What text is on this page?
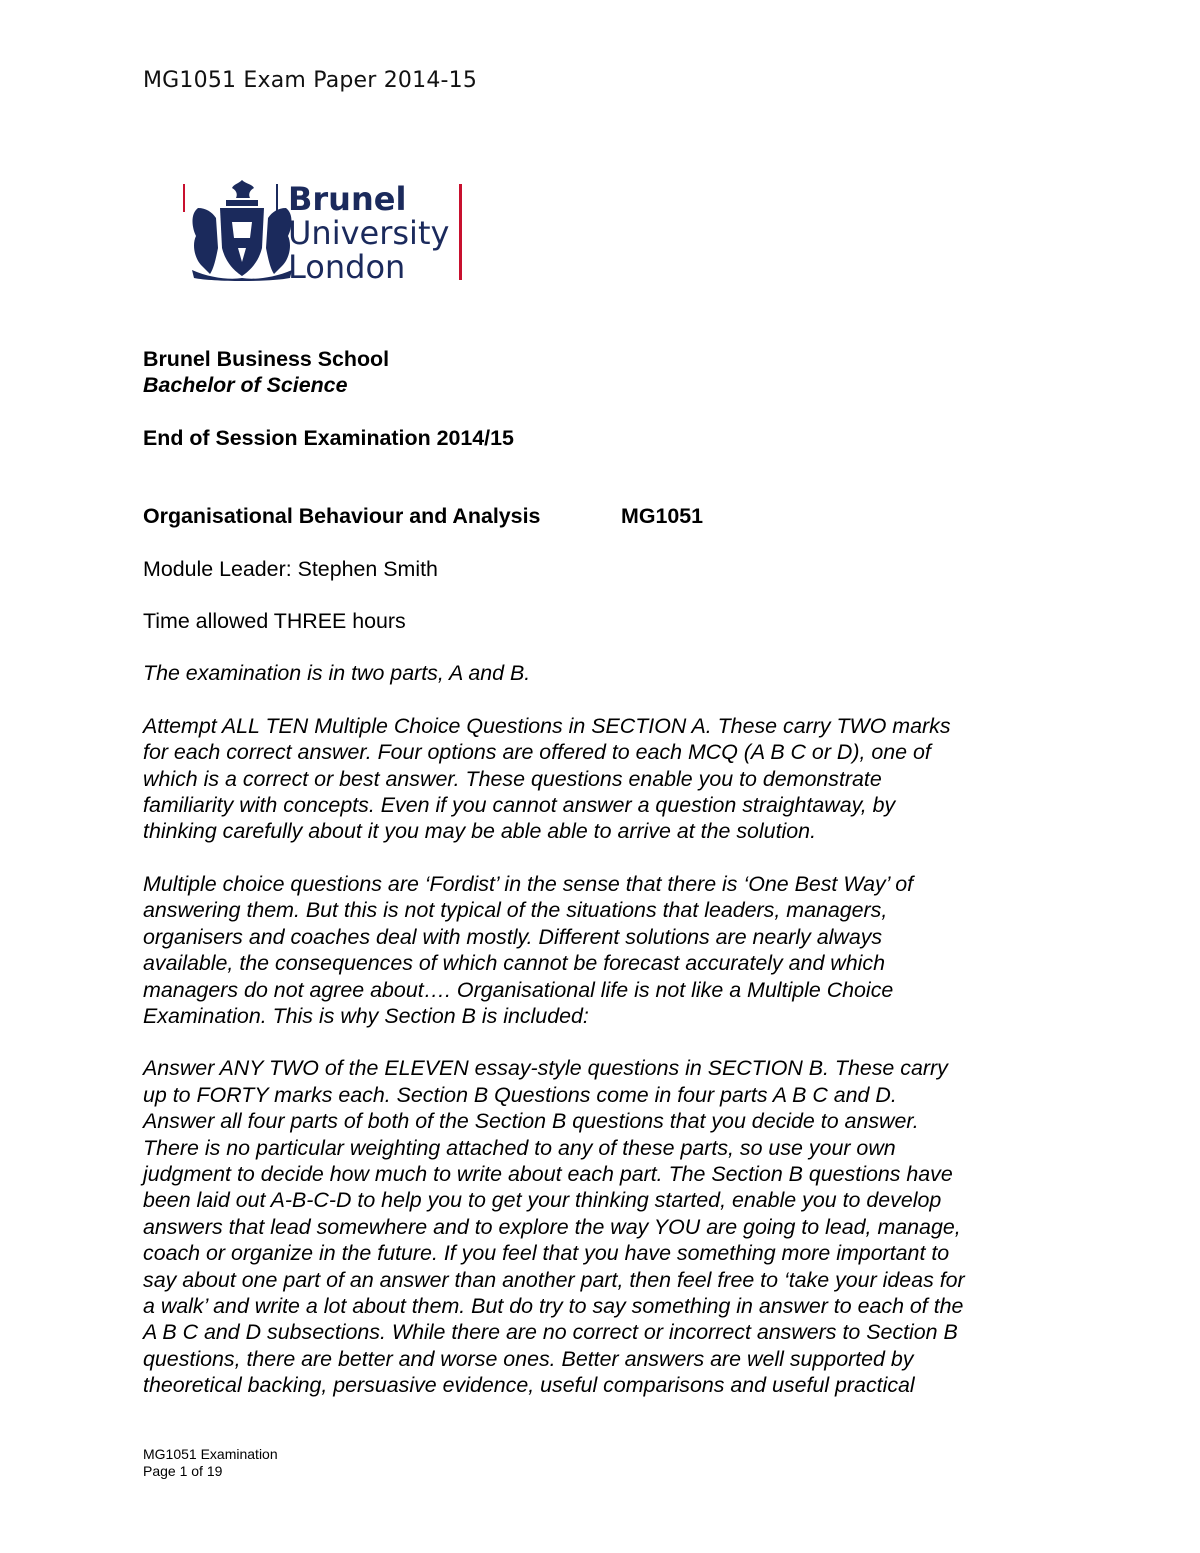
MG1051 Exam Paper 2014-15
Brunel
University
London

Brunel Business School

Bachelor of Science

End of Session Examination 2014/15

Organisational Behaviour and Analysis	MG1051

Module Leader: Stephen Smith

Time allowed THREE hours

The examination is in two parts, A and B.

Attempt ALL TEN Multiple Choice Questions in SECTION A. These carry TWO marks

for each correct answer. Four options are offered to each MCQ (A B C or D), one of

which is a correct or best answer. These questions enable you to demonstrate

familiarity with concepts. Even if you cannot answer a question straightaway, by

thinking carefully about it you may be able able to arrive at the solution.

Multiple choice questions are ‘Fordist’ in the sense that there is ‘One Best Way’ of

answering them. But this is not typical of the situations that leaders, managers,

organisers and coaches deal with mostly. Different solutions are nearly always

available, the consequences of which cannot be forecast accurately and which

managers do not agree about…. Organisational life is not like a Multiple Choice

Examination. This is why Section B is included:

Answer ANY TWO of the ELEVEN essay-style questions in SECTION B. These carry

up to FORTY marks each. Section B Questions come in four parts A B C and D.

Answer all four parts of both of the Section B questions that you decide to answer.

There is no particular weighting attached to any of these parts, so use your own

judgment to decide how much to write about each part. The Section B questions have

been laid out A-B-C-D to help you to get your thinking started, enable you to develop

answers that lead somewhere and to explore the way YOU are going to lead, manage,

coach or organize in the future. If you feel that you have something more important to

say about one part of an answer than another part, then feel free to ‘take your ideas for

a walk’ and write a lot about them. But do try to say something in answer to each of the

A B C and D subsections. While there are no correct or incorrect answers to Section B

questions, there are better and worse ones. Better answers are well supported by

theoretical backing, persuasive evidence, useful comparisons and useful practical

MG1051 Examination
Page 1 of 19
